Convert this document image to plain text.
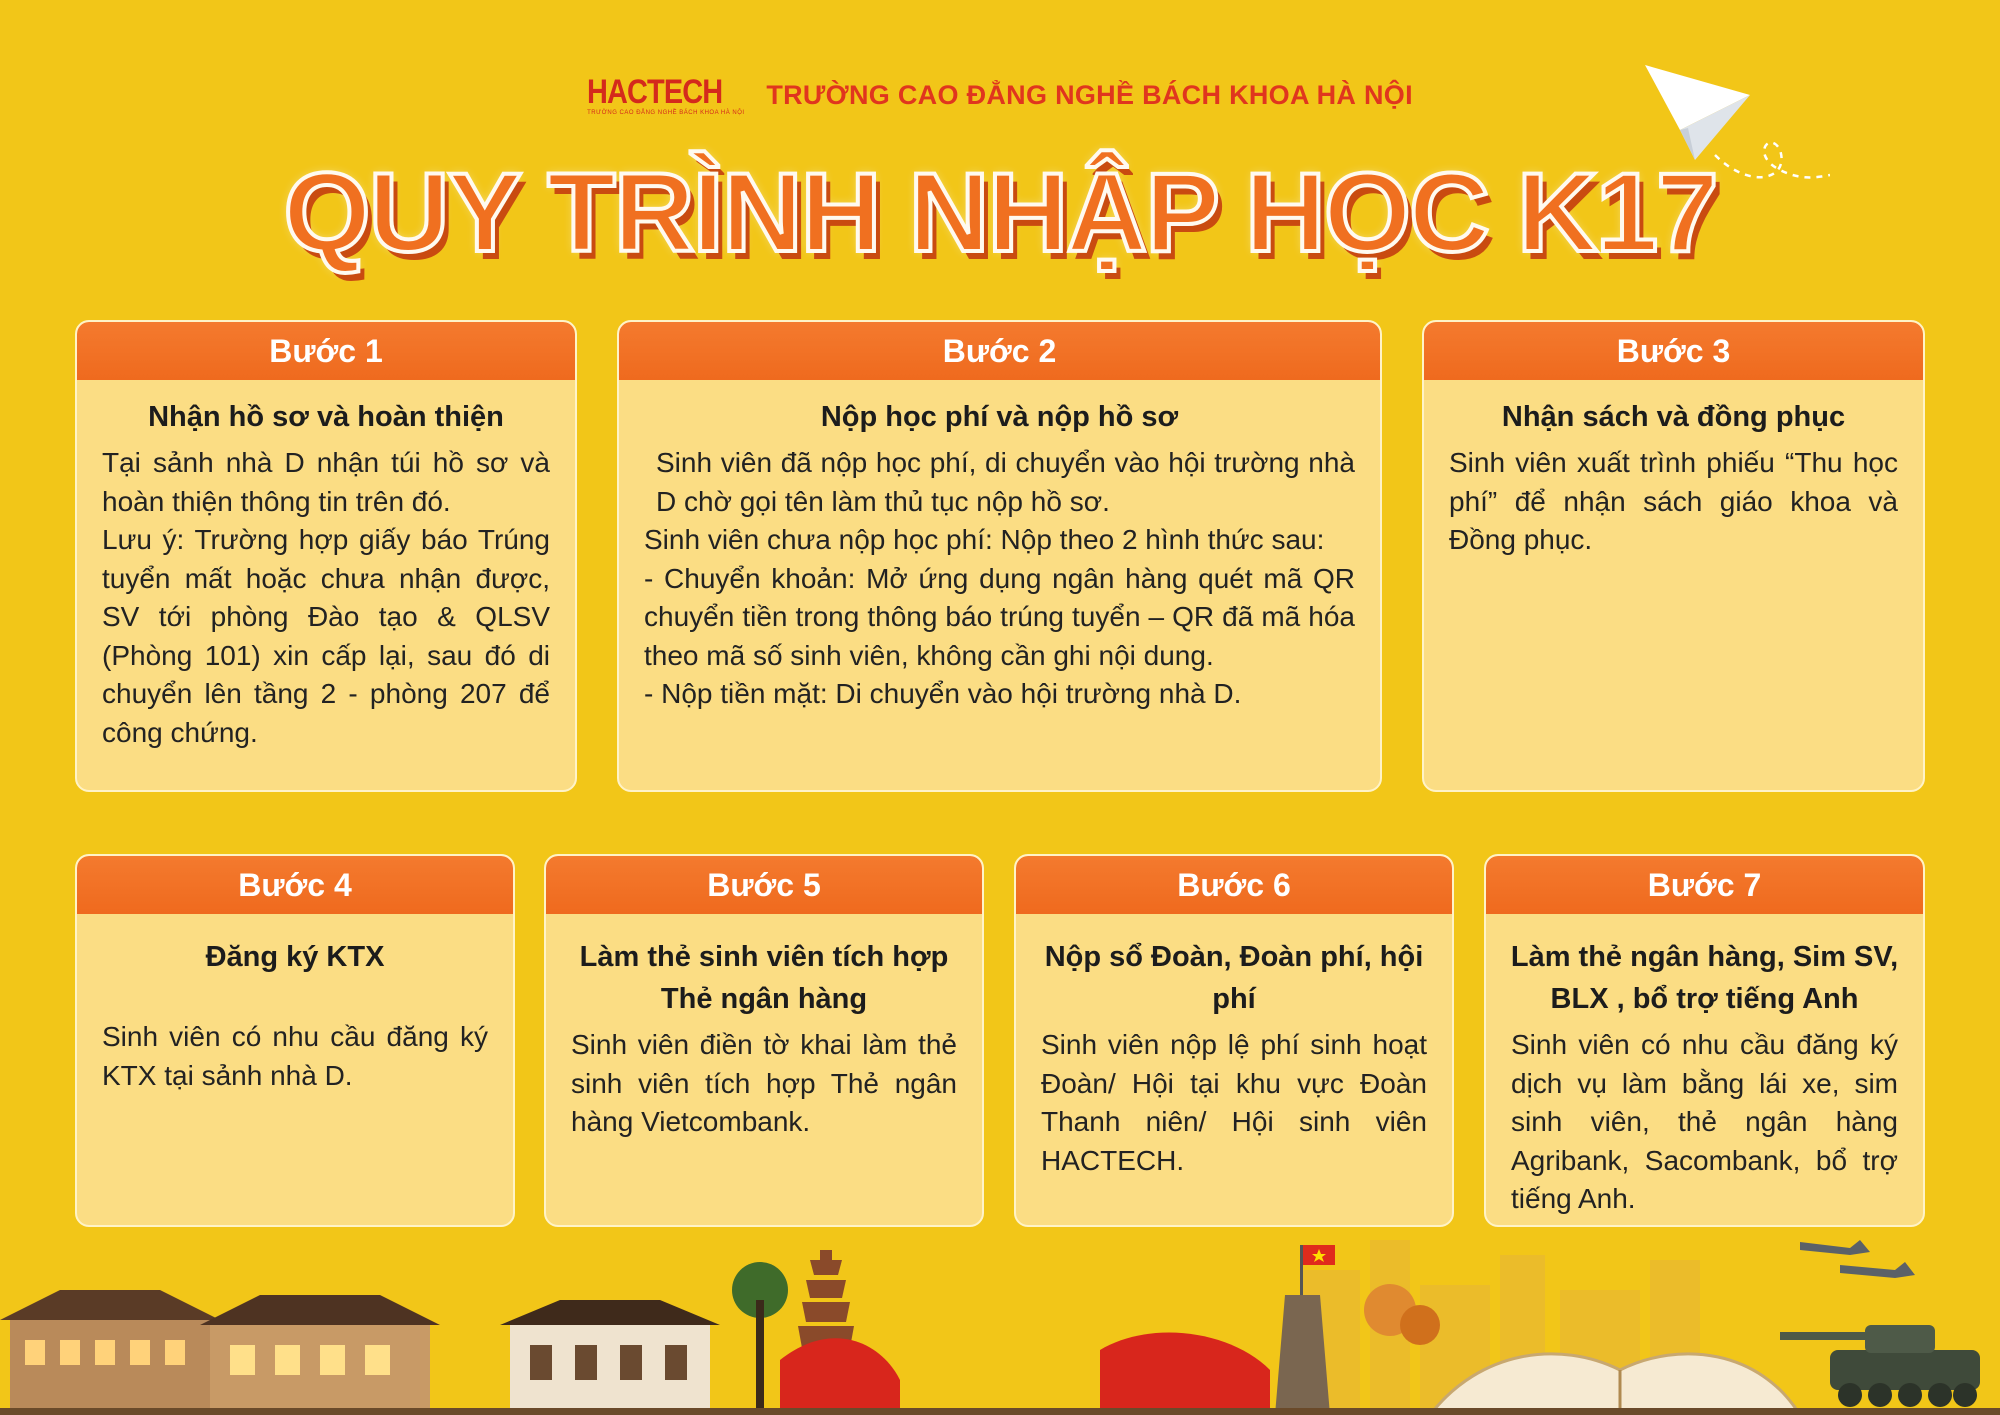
HACTECH
TRƯỜNG CAO ĐẲNG NGHỀ BÁCH KHOA HÀ NỘI
TRƯỜNG CAO ĐẲNG NGHỀ BÁCH KHOA HÀ NỘI
QUY TRÌNH NHẬP HỌC K17
Bước 1
Nhận hồ sơ và hoàn thiện

Tại sảnh nhà D nhận túi hồ sơ và hoàn thiện thông tin trên đó.

Lưu ý: Trường hợp giấy báo Trúng tuyển mất hoặc chưa nhận được, SV tới phòng Đào tạo & QLSV (Phòng 101) xin cấp lại, sau đó di chuyển lên tầng 2 - phòng 207 để công chứng.

Bước 2
Nộp học phí và nộp hồ sơ

Sinh viên đã nộp học phí, di chuyển vào hội trường nhà D chờ gọi tên làm thủ tục nộp hồ sơ.

Sinh viên chưa nộp học phí: Nộp theo 2 hình thức sau:

- Chuyển khoản: Mở ứng dụng ngân hàng quét mã QR chuyển tiền trong thông báo trúng tuyển – QR đã mã hóa theo mã số sinh viên, không cần ghi nội dung.

- Nộp tiền mặt: Di chuyển vào hội trường nhà D.

Bước 3
Nhận sách và đồng phục

Sinh viên xuất trình phiếu “Thu học phí” để nhận sách giáo khoa và Đồng phục.

Bước 4
Đăng ký KTX

Sinh viên có nhu cầu đăng ký KTX tại sảnh nhà D.

Bước 5
Làm thẻ sinh viên tích hợp Thẻ ngân hàng

Sinh viên điền tờ khai làm thẻ sinh viên tích hợp Thẻ ngân hàng Vietcombank.

Bước 6
Nộp sổ Đoàn, Đoàn phí, hội phí

Sinh viên nộp lệ phí sinh hoạt Đoàn/ Hội tại khu vực Đoàn Thanh niên/ Hội sinh viên HACTECH.

Bước 7
Làm thẻ ngân hàng, Sim SV, BLX , bổ trợ tiếng Anh

Sinh viên có nhu cầu đăng ký dịch vụ làm bằng lái xe, sim sinh viên, thẻ ngân hàng Agribank, Sacombank, bổ trợ tiếng Anh.
